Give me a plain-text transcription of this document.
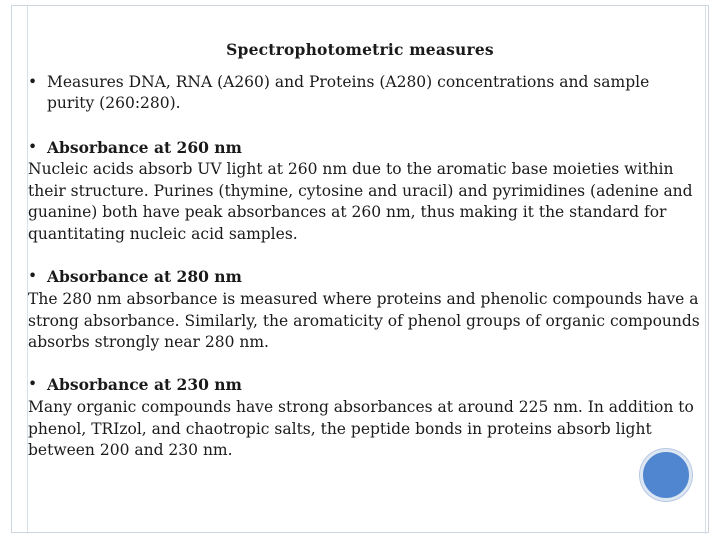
Spectrophotometric measures
• Measures DNA, RNA (A260) and Proteins (A280) concentrations and sample purity (260:280).
• Absorbance at 260 nm
Nucleic acids absorb UV light at 260 nm due to the aromatic base moieties within their structure. Purines (thymine, cytosine and uracil) and pyrimidines (adenine and guanine) both have peak absorbances at 260 nm, thus making it the standard for quantitating nucleic acid samples.
• Absorbance at 280 nm
The 280 nm absorbance is measured where proteins and phenolic compounds have a strong absorbance. Similarly, the aromaticity of phenol groups of organic compounds absorbs strongly near 280 nm.
• Absorbance at 230 nm
Many organic compounds have strong absorbances at around 225 nm. In addition to phenol, TRIzol, and chaotropic salts, the peptide bonds in proteins absorb light between 200 and 230 nm.
